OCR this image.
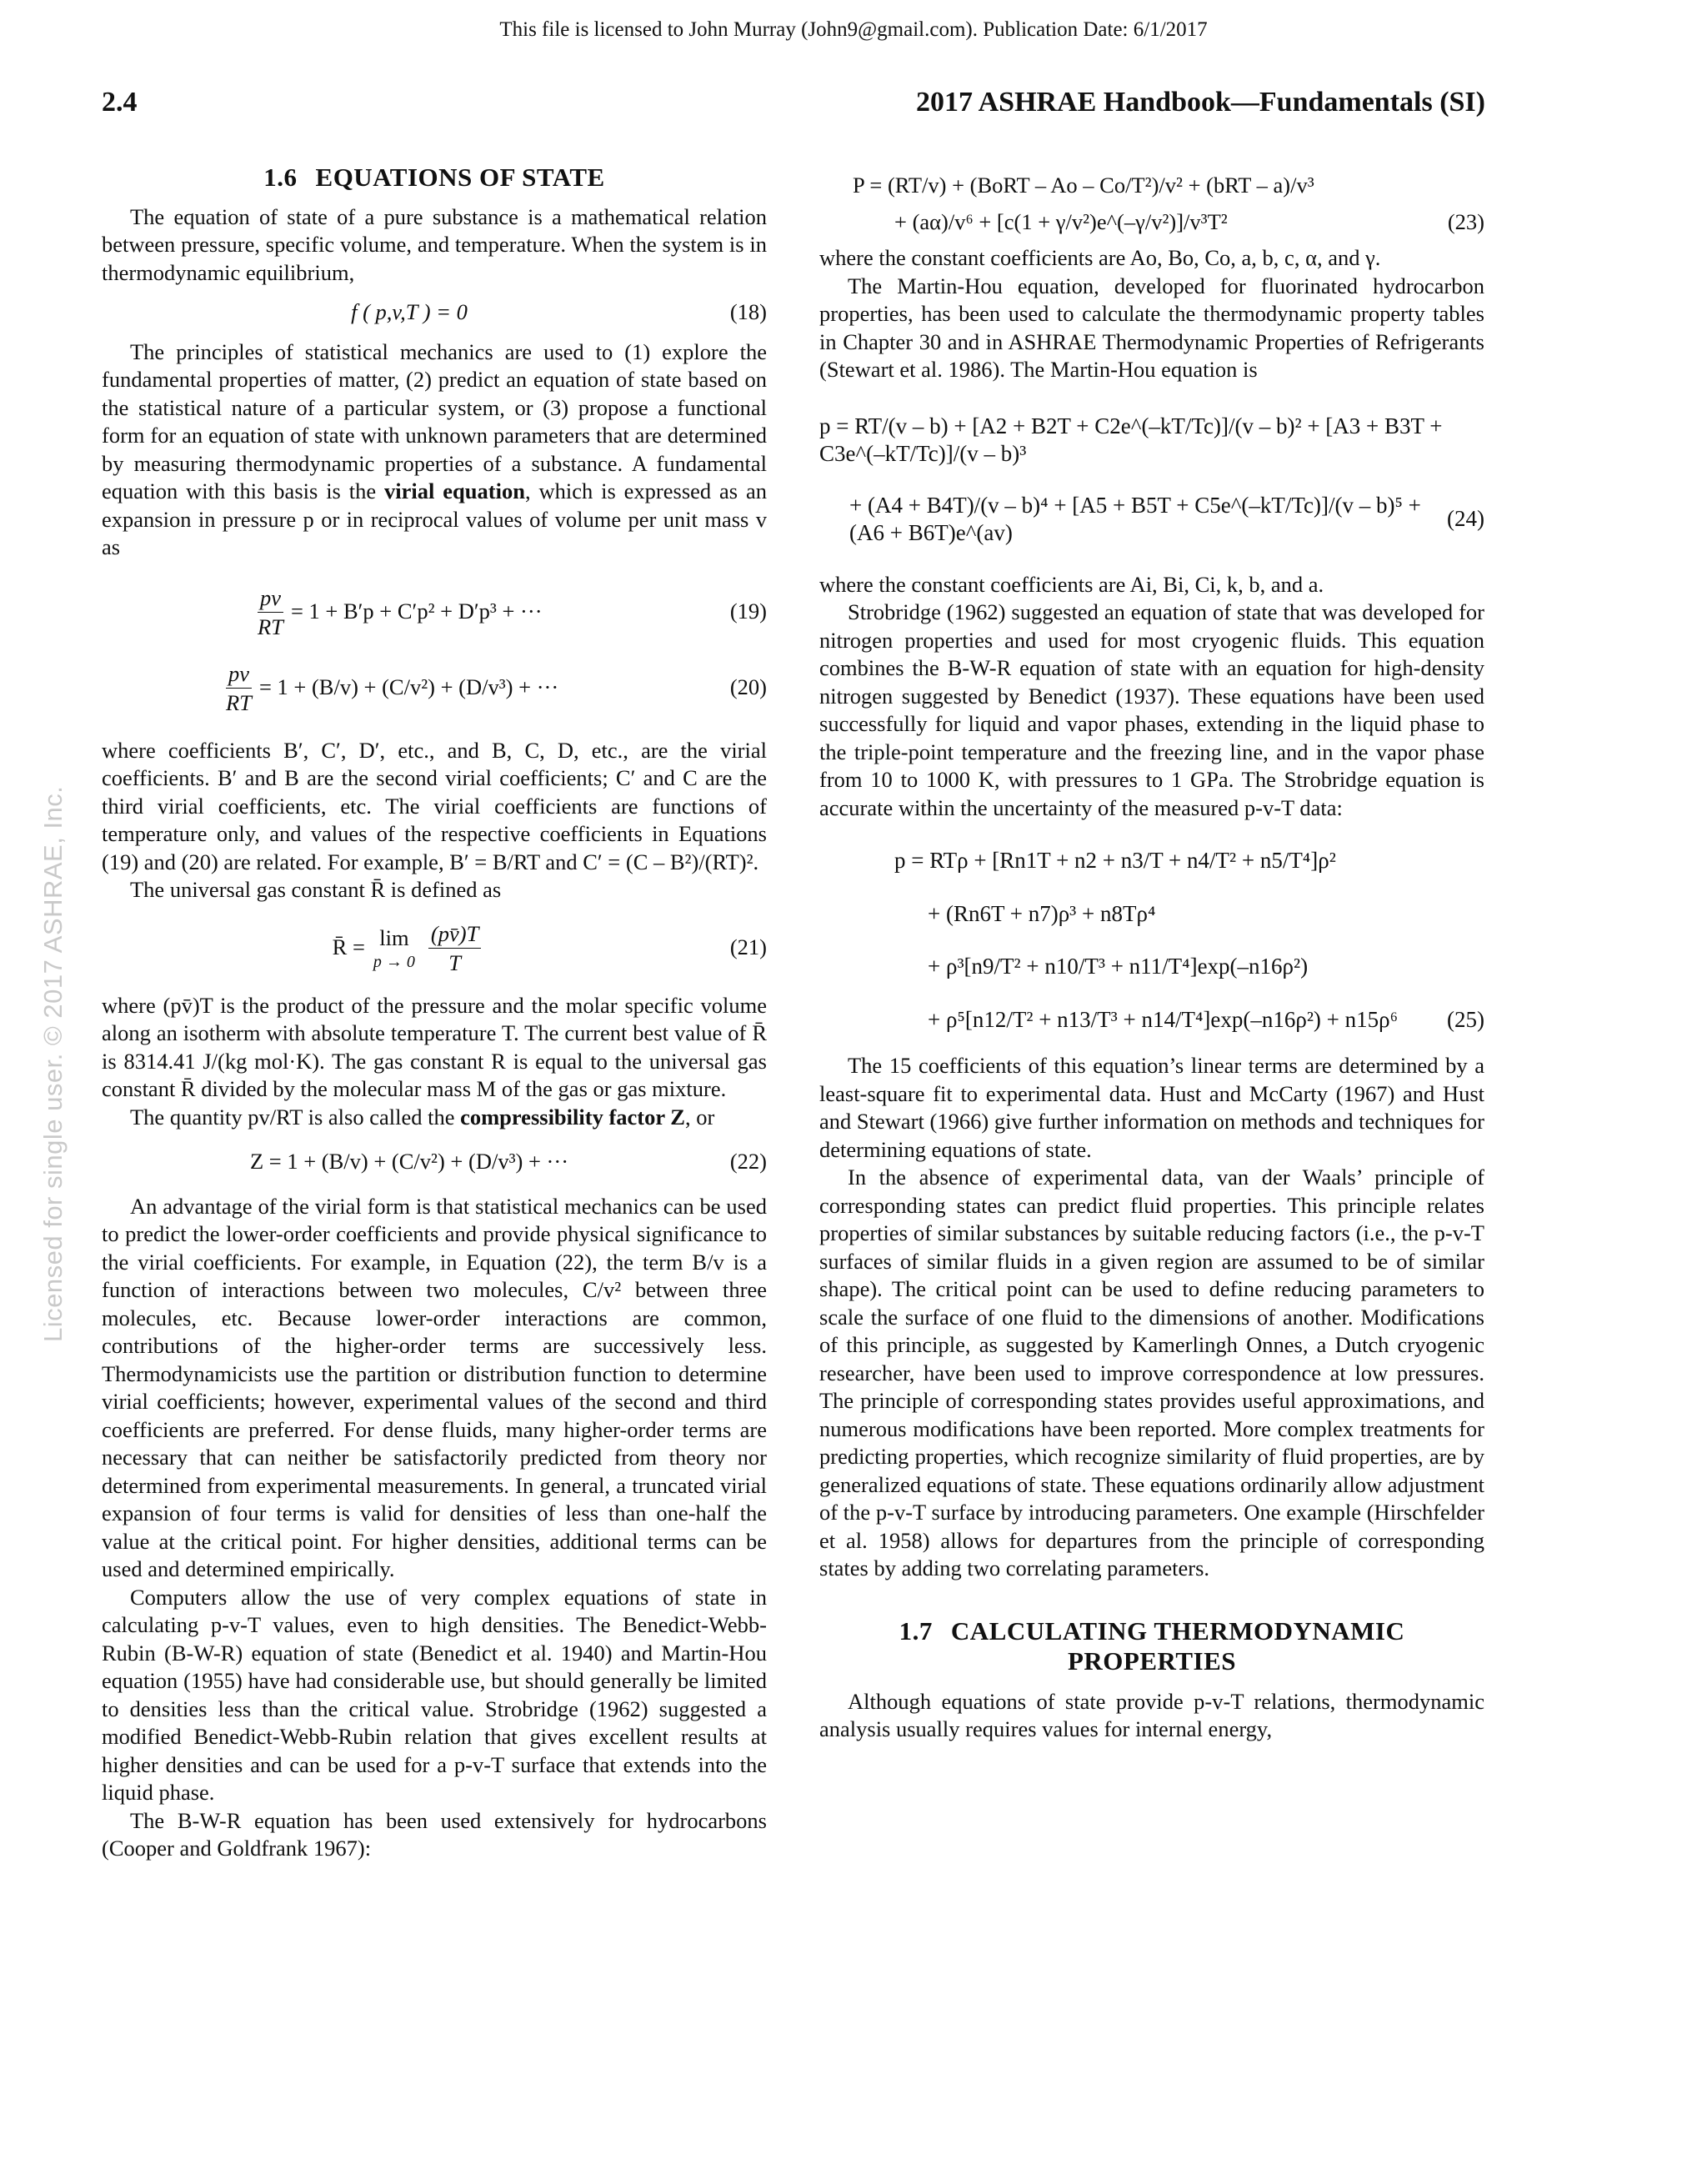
This file is licensed to John Murray (John9@gmail.com). Publication Date: 6/1/2017
Licensed for single user. © 2017 ASHRAE, Inc.
2.4	2017 ASHRAE Handbook—Fundamentals (SI)
1.6 EQUATIONS OF STATE

The equation of state of a pure substance is a mathematical relation between pressure, specific volume, and temperature. When the system is in thermodynamic equilibrium,

f ( p,v,T ) = 0	(18)

The principles of statistical mechanics are used to (1) explore the fundamental properties of matter, (2) predict an equation of state based on the statistical nature of a particular system, or (3) propose a functional form for an equation of state with unknown parameters that are determined by measuring thermodynamic properties of a substance. A fundamental equation with this basis is the virial equation, which is expressed as an expansion in pressure p or in reciprocal values of volume per unit mass v as

$\frac{pv}{RT} = 1 + B'p + C'p^2 + D'p^3$ + ···	(19)
$\frac{pv}{RT} = 1 + (B/v) + (C/v^2) + (D/v^3)$ + ···	(20)

where coefficients B′, C′, D′, etc., and B, C, D, etc., are the virial coefficients. B′ and B are the second virial coefficients; C′ and C are the third virial coefficients, etc. The virial coefficients are functions of temperature only, and values of the respective coefficients in Equations (19) and (20) are related. For example, B′ = B/RT and C′ = (C – B²)/(RT)².

The universal gas constant R̄ is defined as

R̄ = lim
$p \to 0 \frac{(pv̄)T}{T}$	(21)

where (pv̄)T is the product of the pressure and the molar specific volume along an isotherm with absolute temperature T. The current best value of R̄ is 8314.41 J/(kg mol·K). The gas constant R is equal to the universal gas constant R̄ divided by the molecular mass M of the gas or gas mixture.

The quantity pv/RT is also called the compressibility factor Z, or

Z = 1 + (B/v) + (C/v²) + (D/v³) + ···	(22)

An advantage of the virial form is that statistical mechanics can be used to predict the lower-order coefficients and provide physical significance to the virial coefficients. For example, in Equation (22), the term B/v is a function of interactions between two molecules, C/v² between three molecules, etc. Because lower-order interactions are common, contributions of the higher-order terms are successively less. Thermodynamicists use the partition or distribution function to determine virial coefficients; however, experimental values of the second and third coefficients are preferred. For dense fluids, many higher-order terms are necessary that can neither be satisfactorily predicted from theory nor determined from experimental measurements. In general, a truncated virial expansion of four terms is valid for densities of less than one-half the value at the critical point. For higher densities, additional terms can be used and determined empirically.

Computers allow the use of very complex equations of state in calculating p-v-T values, even to high densities. The Benedict-Webb-Rubin (B-W-R) equation of state (Benedict et al. 1940) and Martin-Hou equation (1955) have had considerable use, but should generally be limited to densities less than the critical value. Strobridge (1962) suggested a modified Benedict-Webb-Rubin relation that gives excellent results at higher densities and can be used for a p-v-T surface that extends into the liquid phase.

The B-W-R equation has been used extensively for hydrocarbons (Cooper and Goldfrank 1967):

P = (RT/v) + (BoRT – Ao – Co/T²)/v² + (bRT – a)/v³
+ (aα)/v⁶ + [c(1 + γ/v²)e^(–γ/v²)]/v³T²	(23)

where the constant coefficients are Ao, Bo, Co, a, b, c, α, and γ.

The Martin-Hou equation, developed for fluorinated hydrocarbon properties, has been used to calculate the thermodynamic property tables in Chapter 30 and in ASHRAE Thermodynamic Properties of Refrigerants (Stewart et al. 1986). The Martin-Hou equation is

p = RT/(v – b) + [A2 + B2T + C2e^(–kT/Tc)]/(v – b)² + [A3 + B3T + C3e^(–kT/Tc)]/(v – b)³
+ (A4 + B4T)/(v – b)⁴ + [A5 + B5T + C5e^(–kT/Tc)]/(v – b)⁵ + (A6 + B6T)e^(av)
(24)

where the constant coefficients are Ai, Bi, Ci, k, b, and a.

Strobridge (1962) suggested an equation of state that was developed for nitrogen properties and used for most cryogenic fluids. This equation combines the B-W-R equation of state with an equation for high-density nitrogen suggested by Benedict (1937). These equations have been used successfully for liquid and vapor phases, extending in the liquid phase to the triple-point temperature and the freezing line, and in the vapor phase from 10 to 1000 K, with pressures to 1 GPa. The Strobridge equation is accurate within the uncertainty of the measured p-v-T data:

p = RTρ + [Rn1T + n2 + n3/T + n4/T² + n5/T⁴]ρ²
+ (Rn6T + n7)ρ³ + n8Tρ⁴
+ ρ³[n9/T² + n10/T³ + n11/T⁴]exp(–n16ρ²)
+ ρ⁵[n12/T² + n13/T³ + n14/T⁴]exp(–n16ρ²) + n15ρ⁶	(25)

The 15 coefficients of this equation’s linear terms are determined by a least-square fit to experimental data. Hust and McCarty (1967) and Hust and Stewart (1966) give further information on methods and techniques for determining equations of state.

In the absence of experimental data, van der Waals’ principle of corresponding states can predict fluid properties. This principle relates properties of similar substances by suitable reducing factors (i.e., the p-v-T surfaces of similar fluids in a given region are assumed to be of similar shape). The critical point can be used to define reducing parameters to scale the surface of one fluid to the dimensions of another. Modifications of this principle, as suggested by Kamerlingh Onnes, a Dutch cryogenic researcher, have been used to improve correspondence at low pressures. The principle of corresponding states provides useful approximations, and numerous modifications have been reported. More complex treatments for predicting properties, which recognize similarity of fluid properties, are by generalized equations of state. These equations ordinarily allow adjustment of the p-v-T surface by introducing parameters. One example (Hirschfelder et al. 1958) allows for departures from the principle of corresponding states by adding two correlating parameters.

1.7 CALCULATING THERMODYNAMIC PROPERTIES

Although equations of state provide p-v-T relations, thermodynamic analysis usually requires values for internal energy,
